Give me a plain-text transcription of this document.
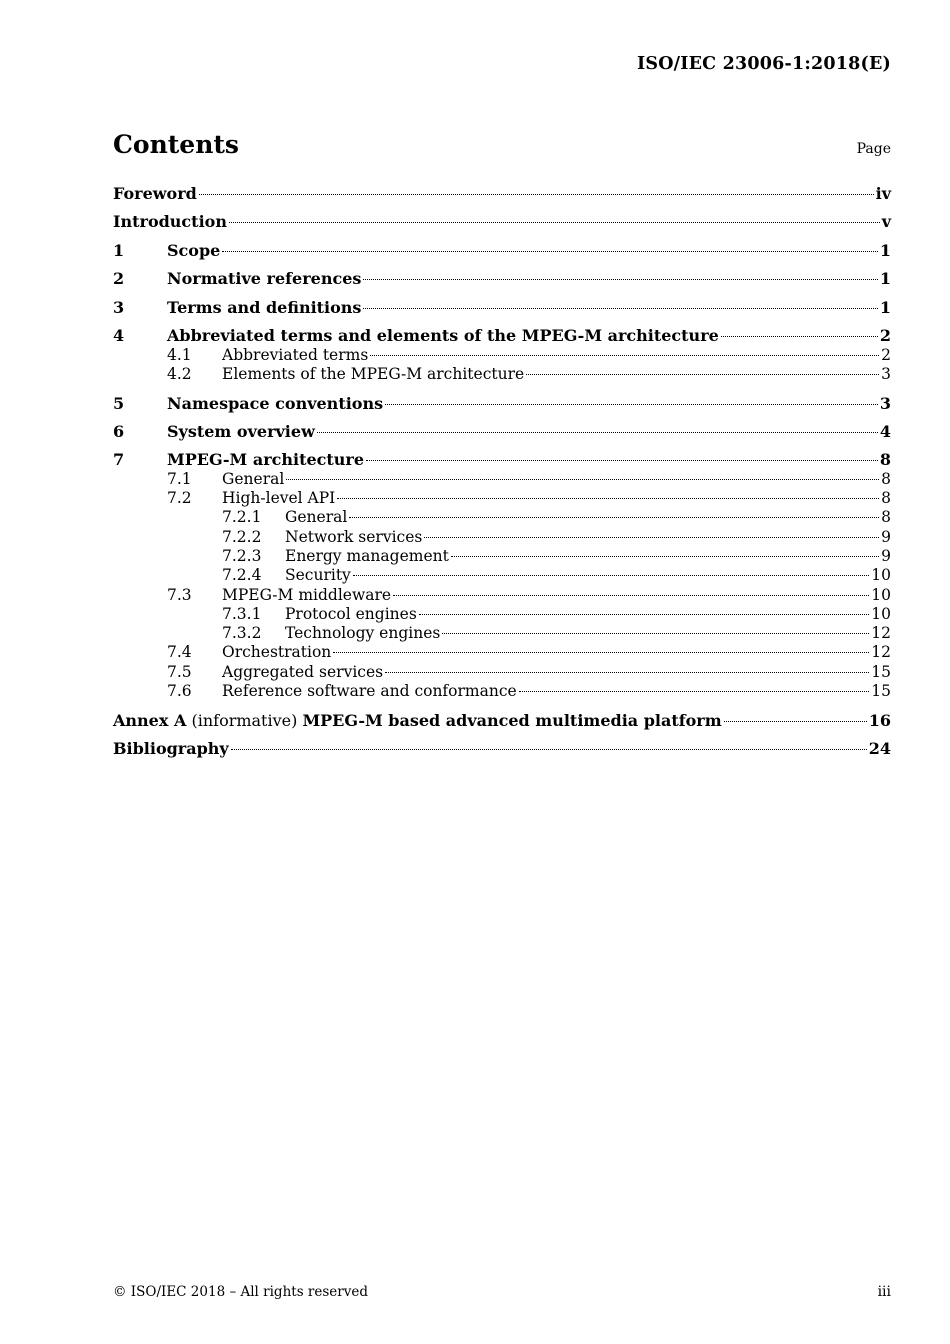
ISO/IEC 23006-1:2018(E)
Contents	Page
Foreword	iv
Introduction	v
1	Scope	1
2	Normative references	1
3	Terms and definitions	1
4	Abbreviated terms and elements of the MPEG-M architecture	2
4.1	Abbreviated terms	2
4.2	Elements of the MPEG-M architecture	3
5	Namespace conventions	3
6	System overview	4
7	MPEG-M architecture	8
7.1	General	8
7.2	High-level API	8
7.2.1	General	8
7.2.2	Network services	9
7.2.3	Energy management	9
7.2.4	Security	10
7.3	MPEG-M middleware	10
7.3.1	Protocol engines	10
7.3.2	Technology engines	12
7.4	Orchestration	12
7.5	Aggregated services	15
7.6	Reference software and conformance	15
Annex A (informative) MPEG-M based advanced multimedia platform	16
Bibliography	24
© ISO/IEC 2018 – All rights reserved	iii
